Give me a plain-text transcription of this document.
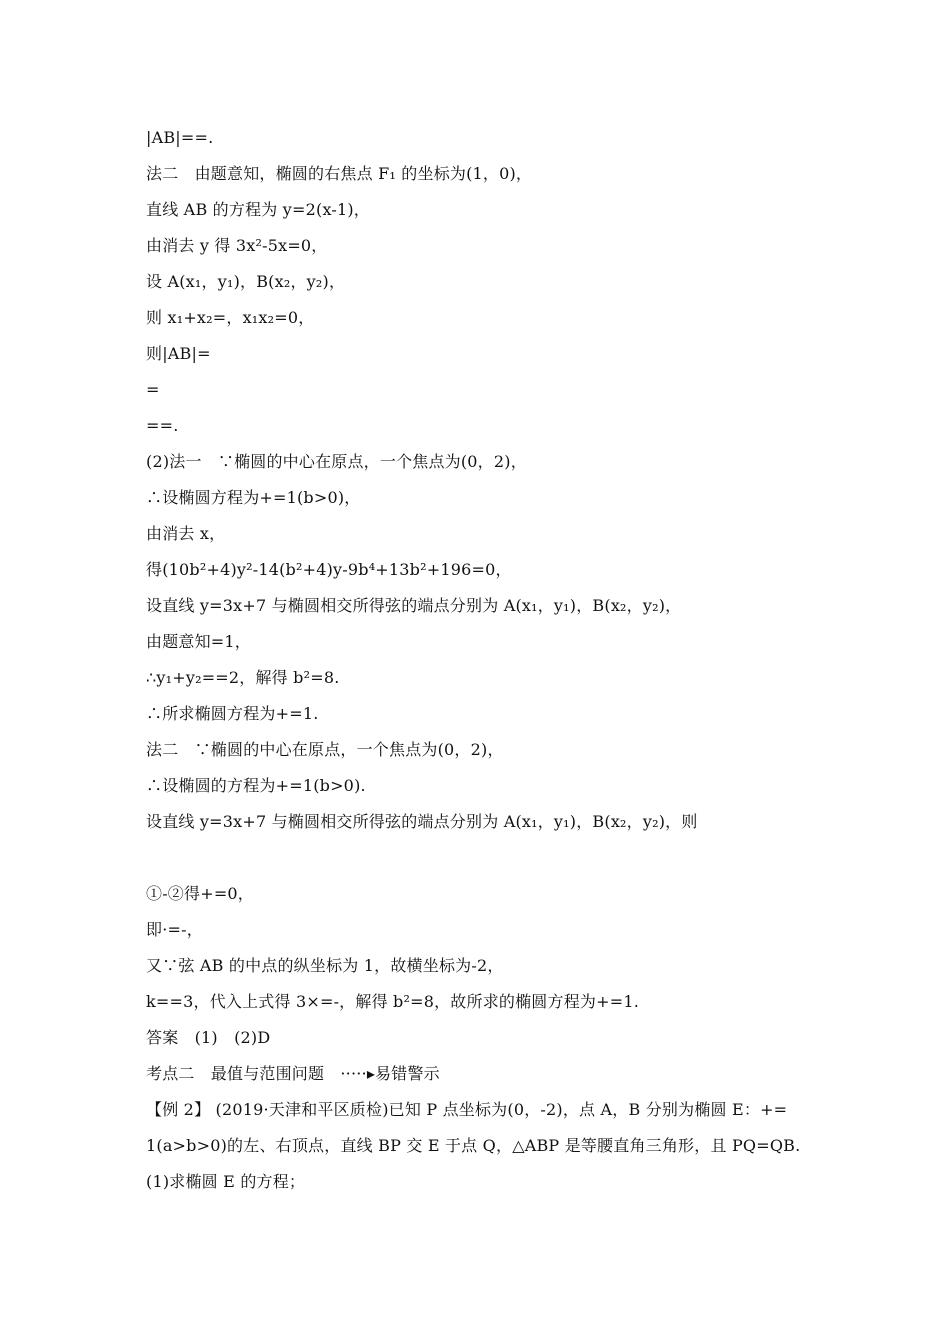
|AB|==.
法二　由题意知，椭圆的右焦点 F₁ 的坐标为(1，0)，
直线 AB 的方程为 y=2(x-1)，
由消去 y 得 3x²-5x=0，
设 A(x₁，y₁)，B(x₂，y₂)，
则 x₁+x₂=，x₁x₂=0，
则|AB|=
=
==.
(2)法一　∵椭圆的中心在原点，一个焦点为(0，2)，
∴设椭圆方程为+=1(b>0)，
由消去 x，
得(10b²+4)y²-14(b²+4)y-9b⁴+13b²+196=0，
设直线 y=3x+7 与椭圆相交所得弦的端点分别为 A(x₁，y₁)，B(x₂，y₂)，
由题意知=1，
∴y₁+y₂==2，解得 b²=8.
∴所求椭圆方程为+=1.
法二　∵椭圆的中心在原点，一个焦点为(0，2)，
∴设椭圆的方程为+=1(b>0).
设直线 y=3x+7 与椭圆相交所得弦的端点分别为 A(x₁，y₁)，B(x₂，y₂)，则
①-②得+=0，
即·=-，
又∵弦 AB 的中点的纵坐标为 1，故横坐标为-2，
k==3，代入上式得 3×=-，解得 b²=8，故所求的椭圆方程为+=1.
答案　(1)　(2)D
考点二　最值与范围问题　·····▸易错警示
【例 2】 (2019·天津和平区质检)已知 P 点坐标为(0，-2)，点 A，B 分别为椭圆 E：+=
1(a>b>0)的左、右顶点，直线 BP 交 E 于点 Q，△ABP 是等腰直角三角形，且 PQ=QB.
(1)求椭圆 E 的方程；
